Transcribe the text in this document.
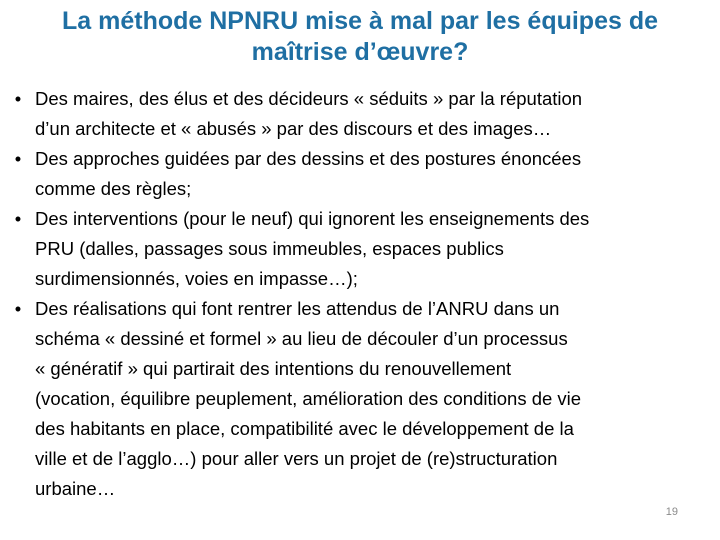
La méthode NPNRU mise à mal par les équipes de
maîtrise d’œuvre?
• Des maires, des élus et des décideurs « séduits » par la réputation
d’un architecte et « abusés » par des discours et des images…
• Des approches guidées par des dessins et des postures énoncées
comme des règles;
• Des interventions (pour le neuf) qui ignorent les enseignements des
PRU (dalles, passages sous immeubles, espaces publics
surdimensionnés, voies en impasse…);
• Des réalisations qui font rentrer les attendus de l’ANRU dans un
schéma « dessiné et formel » au lieu de découler d’un processus
« génératif » qui partirait des intentions du renouvellement
(vocation, équilibre peuplement, amélioration des conditions de vie
des habitants en place, compatibilité avec le développement de la
ville et de l’agglo…) pour aller vers un projet de (re)structuration
urbaine…
19
